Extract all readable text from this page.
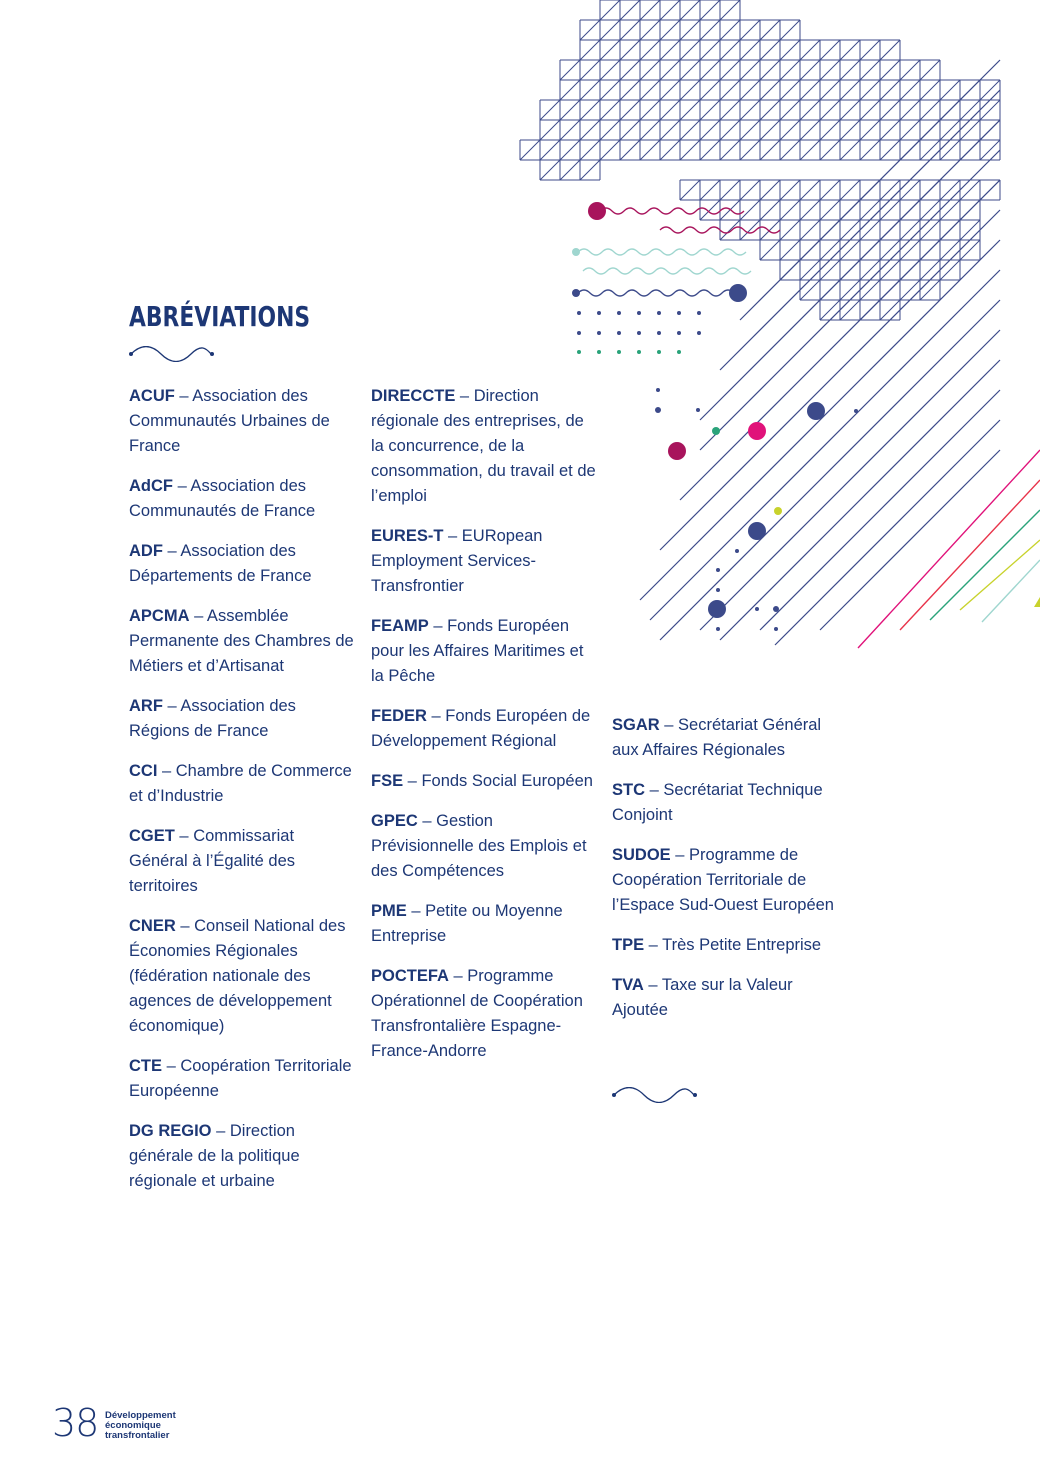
ABRÉVIATIONS

ACUF – Association des Communautés Urbaines de France

AdCF – Association des Communautés de France

ADF – Association des Départements de France

APCMA – Assemblée Permanente des Chambres de Métiers et d’Artisanat

ARF – Association des Régions de France

CCI – Chambre de Commerce et d’Industrie

CGET – Commissariat Général à l’Égalité des territoires

CNER – Conseil National des Économies Régionales (fédération nationale des agences de développement économique)

CTE – Coopération Territoriale Européenne

DG REGIO – Direction générale de la politique régionale et urbaine

DIRECCTE – Direction régionale des entreprises, de la concurrence, de la consommation, du travail et de l’emploi

EURES-T – EURopean Employment Services-Transfrontier

FEAMP – Fonds Européen pour les Affaires Maritimes et la Pêche

FEDER – Fonds Européen de Développement Régional

FSE – Fonds Social Européen

GPEC – Gestion Prévisionnelle des Emplois et des Compétences

PME – Petite ou Moyenne Entreprise

POCTEFA – Programme Opérationnel de Coopération Transfrontalière Espagne-France-Andorre

SGAR – Secrétariat Général aux Affaires Régionales

STC – Secrétariat Technique Conjoint

SUDOE – Programme de Coopération Territoriale de l’Espace Sud-Ouest Européen

TPE – Très Petite Entreprise

TVA – Taxe sur la Valeur Ajoutée

38 Développement
économique
transfrontalier
